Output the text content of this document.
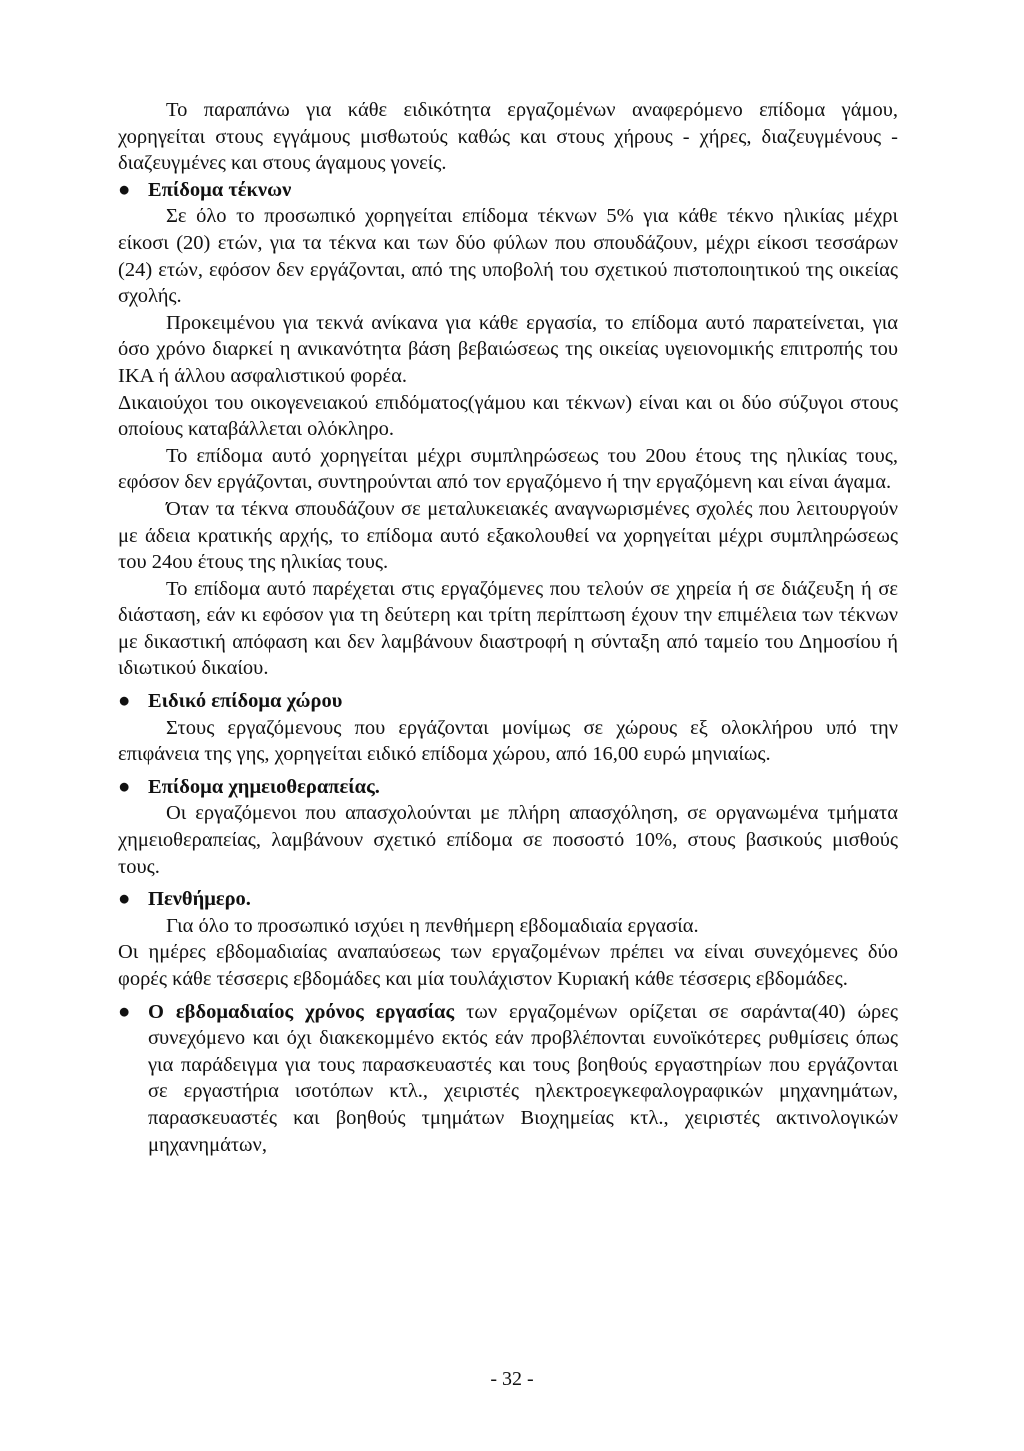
Το παραπάνω για κάθε ειδικότητα εργαζομένων αναφερόμενο επίδομα γάμου, χορηγείται στους εγγάμους μισθωτούς καθώς και στους χήρους - χήρες, διαζευγμένους - διαζευγμένες και στους άγαμους γονείς.

● Επίδομα τέκνων

Σε όλο το προσωπικό χορηγείται επίδομα τέκνων 5% για κάθε τέκνο ηλικίας μέχρι είκοσι (20) ετών, για τα τέκνα και των δύο φύλων που σπουδάζουν, μέχρι είκοσι τεσσάρων (24) ετών, εφόσον δεν εργάζονται, από της υποβολή του σχετικού πιστοποιητικού της οικείας σχολής.

Προκειμένου για τεκνά ανίκανα για κάθε εργασία, το επίδομα αυτό παρατείνεται, για όσο χρόνο διαρκεί η ανικανότητα βάση βεβαιώσεως της οικείας υγειονομικής επιτροπής του ΙΚΑ ή άλλου ασφαλιστικού φορέα.

Δικαιούχοι του οικογενειακού επιδόματος(γάμου και τέκνων) είναι και οι δύο σύζυγοι στους οποίους καταβάλλεται ολόκληρο.

Το επίδομα αυτό χορηγείται μέχρι συμπληρώσεως του 20ου έτους της ηλικίας τους, εφόσον δεν εργάζονται, συντηρούνται από τον εργαζόμενο ή την εργαζόμενη και είναι άγαμα.

Όταν τα τέκνα σπουδάζουν σε μεταλυκειακές αναγνωρισμένες σχολές που λειτουργούν με άδεια κρατικής αρχής, το επίδομα αυτό εξακολουθεί να χορηγείται μέχρι συμπληρώσεως του 24ου έτους της ηλικίας τους.

Το επίδομα αυτό παρέχεται στις εργαζόμενες που τελούν σε χηρεία ή σε διάζευξη ή σε διάσταση, εάν κι εφόσον για τη δεύτερη και τρίτη περίπτωση έχουν την επιμέλεια των τέκνων με δικαστική απόφαση και δεν λαμβάνουν διαστροφή η σύνταξη από ταμείο του Δημοσίου ή ιδιωτικού δικαίου.

● Ειδικό επίδομα χώρου

Στους εργαζόμενους που εργάζονται μονίμως σε χώρους εξ ολοκλήρου υπό την επιφάνεια της γης, χορηγείται ειδικό επίδομα χώρου, από 16,00 ευρώ μηνιαίως.

● Επίδομα χημειοθεραπείας.

Οι εργαζόμενοι που απασχολούνται με πλήρη απασχόληση, σε οργανωμένα τμήματα χημειοθεραπείας, λαμβάνουν σχετικό επίδομα σε ποσοστό 10%, στους βασικούς μισθούς τους.

● Πενθήμερο.

Για όλο το προσωπικό ισχύει η πενθήμερη εβδομαδιαία εργασία.

Οι ημέρες εβδομαδιαίας αναπαύσεως των εργαζομένων πρέπει να είναι συνεχόμενες δύο φορές κάθε τέσσερις εβδομάδες και μία τουλάχιστον Κυριακή κάθε τέσσερις εβδομάδες.

● Ο εβδομαδιαίος χρόνος εργασίας των εργαζομένων ορίζεται σε σαράντα(40) ώρες συνεχόμενο και όχι διακεκομμένο εκτός εάν προβλέπονται ευνοϊκότερες ρυθμίσεις όπως για παράδειγμα για τους παρασκευαστές και τους βοηθούς εργαστηρίων που εργάζονται σε εργαστήρια ισοτόπων κτλ., χειριστές ηλεκτροεγκεφαλογραφικών μηχανημάτων, παρασκευαστές και βοηθούς τμημάτων Βιοχημείας κτλ., χειριστές ακτινολογικών μηχανημάτων,

- 32 -
